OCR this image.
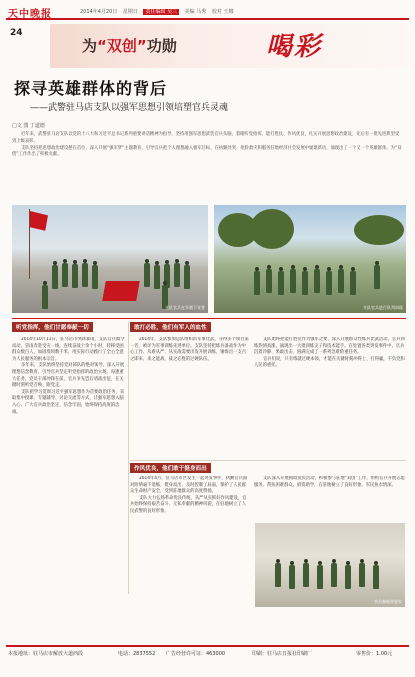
天中晚报	2014年4月20日 星期日 责任编辑 吴三 美编 马秀 校对 王娜
24
为“双创”功勋	喝彩
探寻英雄群体的背后
——武警驻马店支队以强军思想引领培塑官兵灵魂
□文 图 丁道德

近年来，武警驻马店支队以党的十八大和习近平总书记系列重要讲话精神为指导，坚持用强军思想武装官兵头脑，着眼听党指挥、能打胜仗、作风优良，扎实开展思想政治建设，先后有一批先进典型受到上级表彰。

支队坚持把思想政治建设摆在首位，深入开展“强军梦”主题教育，引导官兵把个人理想融入强军目标，在执勤处突、抢险救灾和服务驻地经济社会发展中屡建新功，涌现出了一个又一个英雄群体，为“双创”工作作出了积极贡献。

支队官兵在军旗下宣誓	支队官兵进行队列训练
听党指挥，他们甘愿奉献一切	敢打必胜，他们有军人的血性
作风优良，他们敢于挺身而出

2014年10月11日，驻马店市突降暴雨，支队官兵闻令而动，冒雨奔赴受灾一线，连续奋战十余个小时，转移受困群众数百人，加固堤坝数千米，用实际行动践行了全心全意为人民服务的根本宗旨。

多年来，支队始终坚持党对部队的绝对领导，深入开展理想信念教育，引导官兵坚定听党指挥的政治立场。每逢重大任务，党员干部冲锋在前，官兵争先恐后请战出征，在关键时刻听党召唤、跟党走。

支队把学习贯彻习近平强军思想作为首要政治任务，采取集中授课、专题辅导、讨论交流等方式，让强军思想入脑入心，广大官兵政治坚定、信念牢固，始终保持高度的忠诚。

2014年，支队参加总队组织的军事比武，夺得多个项目第一名，被评为军事训练先进单位。支队坚持把练兵备战作为中心工作，从难从严、从实战需要出发开展训练，锤炼出一支召之即来、来之能战、战之必胜的过硬队伍。

支队始终把能打胜仗作为强军之要，深入开展群众性练兵比武活动，官兵训练热情高涨，涌现出一大批训练尖子和技术能手。在处置各类突发事件中，官兵沉着冷静、果敢出击，圆满完成了一系列急难险重任务。

官兵们说，只有练就过硬本领，才能在关键时刻冲得上、打得赢，不负党和人民的重托。

2014年4月，驻马店市区发生一起突发事件，执勤官兵面对险情毫不退缩，挺身而出，及时控制了局面，保护了人民群众生命财产安全，受到驻地群众的高度赞扬。

支队大力弘扬革命优良传统，从严从实抓好作风建设，官兵始终保持艰苦奋斗、无私奉献的精神风貌，在驻地树立了人民武警的良好形象。

支队深入开展拥政爱民活动，积极参与驻地“双创”工作，组织官兵开展志愿服务，帮扶困难群众，捐资助学，在驻地树立了良好形象，军民鱼水情深。

官兵参观荣誉室
本报地址：驻马店市解放大道西段	电话：2837552 广告经营许可证：463000	印刷：驻马店日报社印刷厂	零售价：1.00元
